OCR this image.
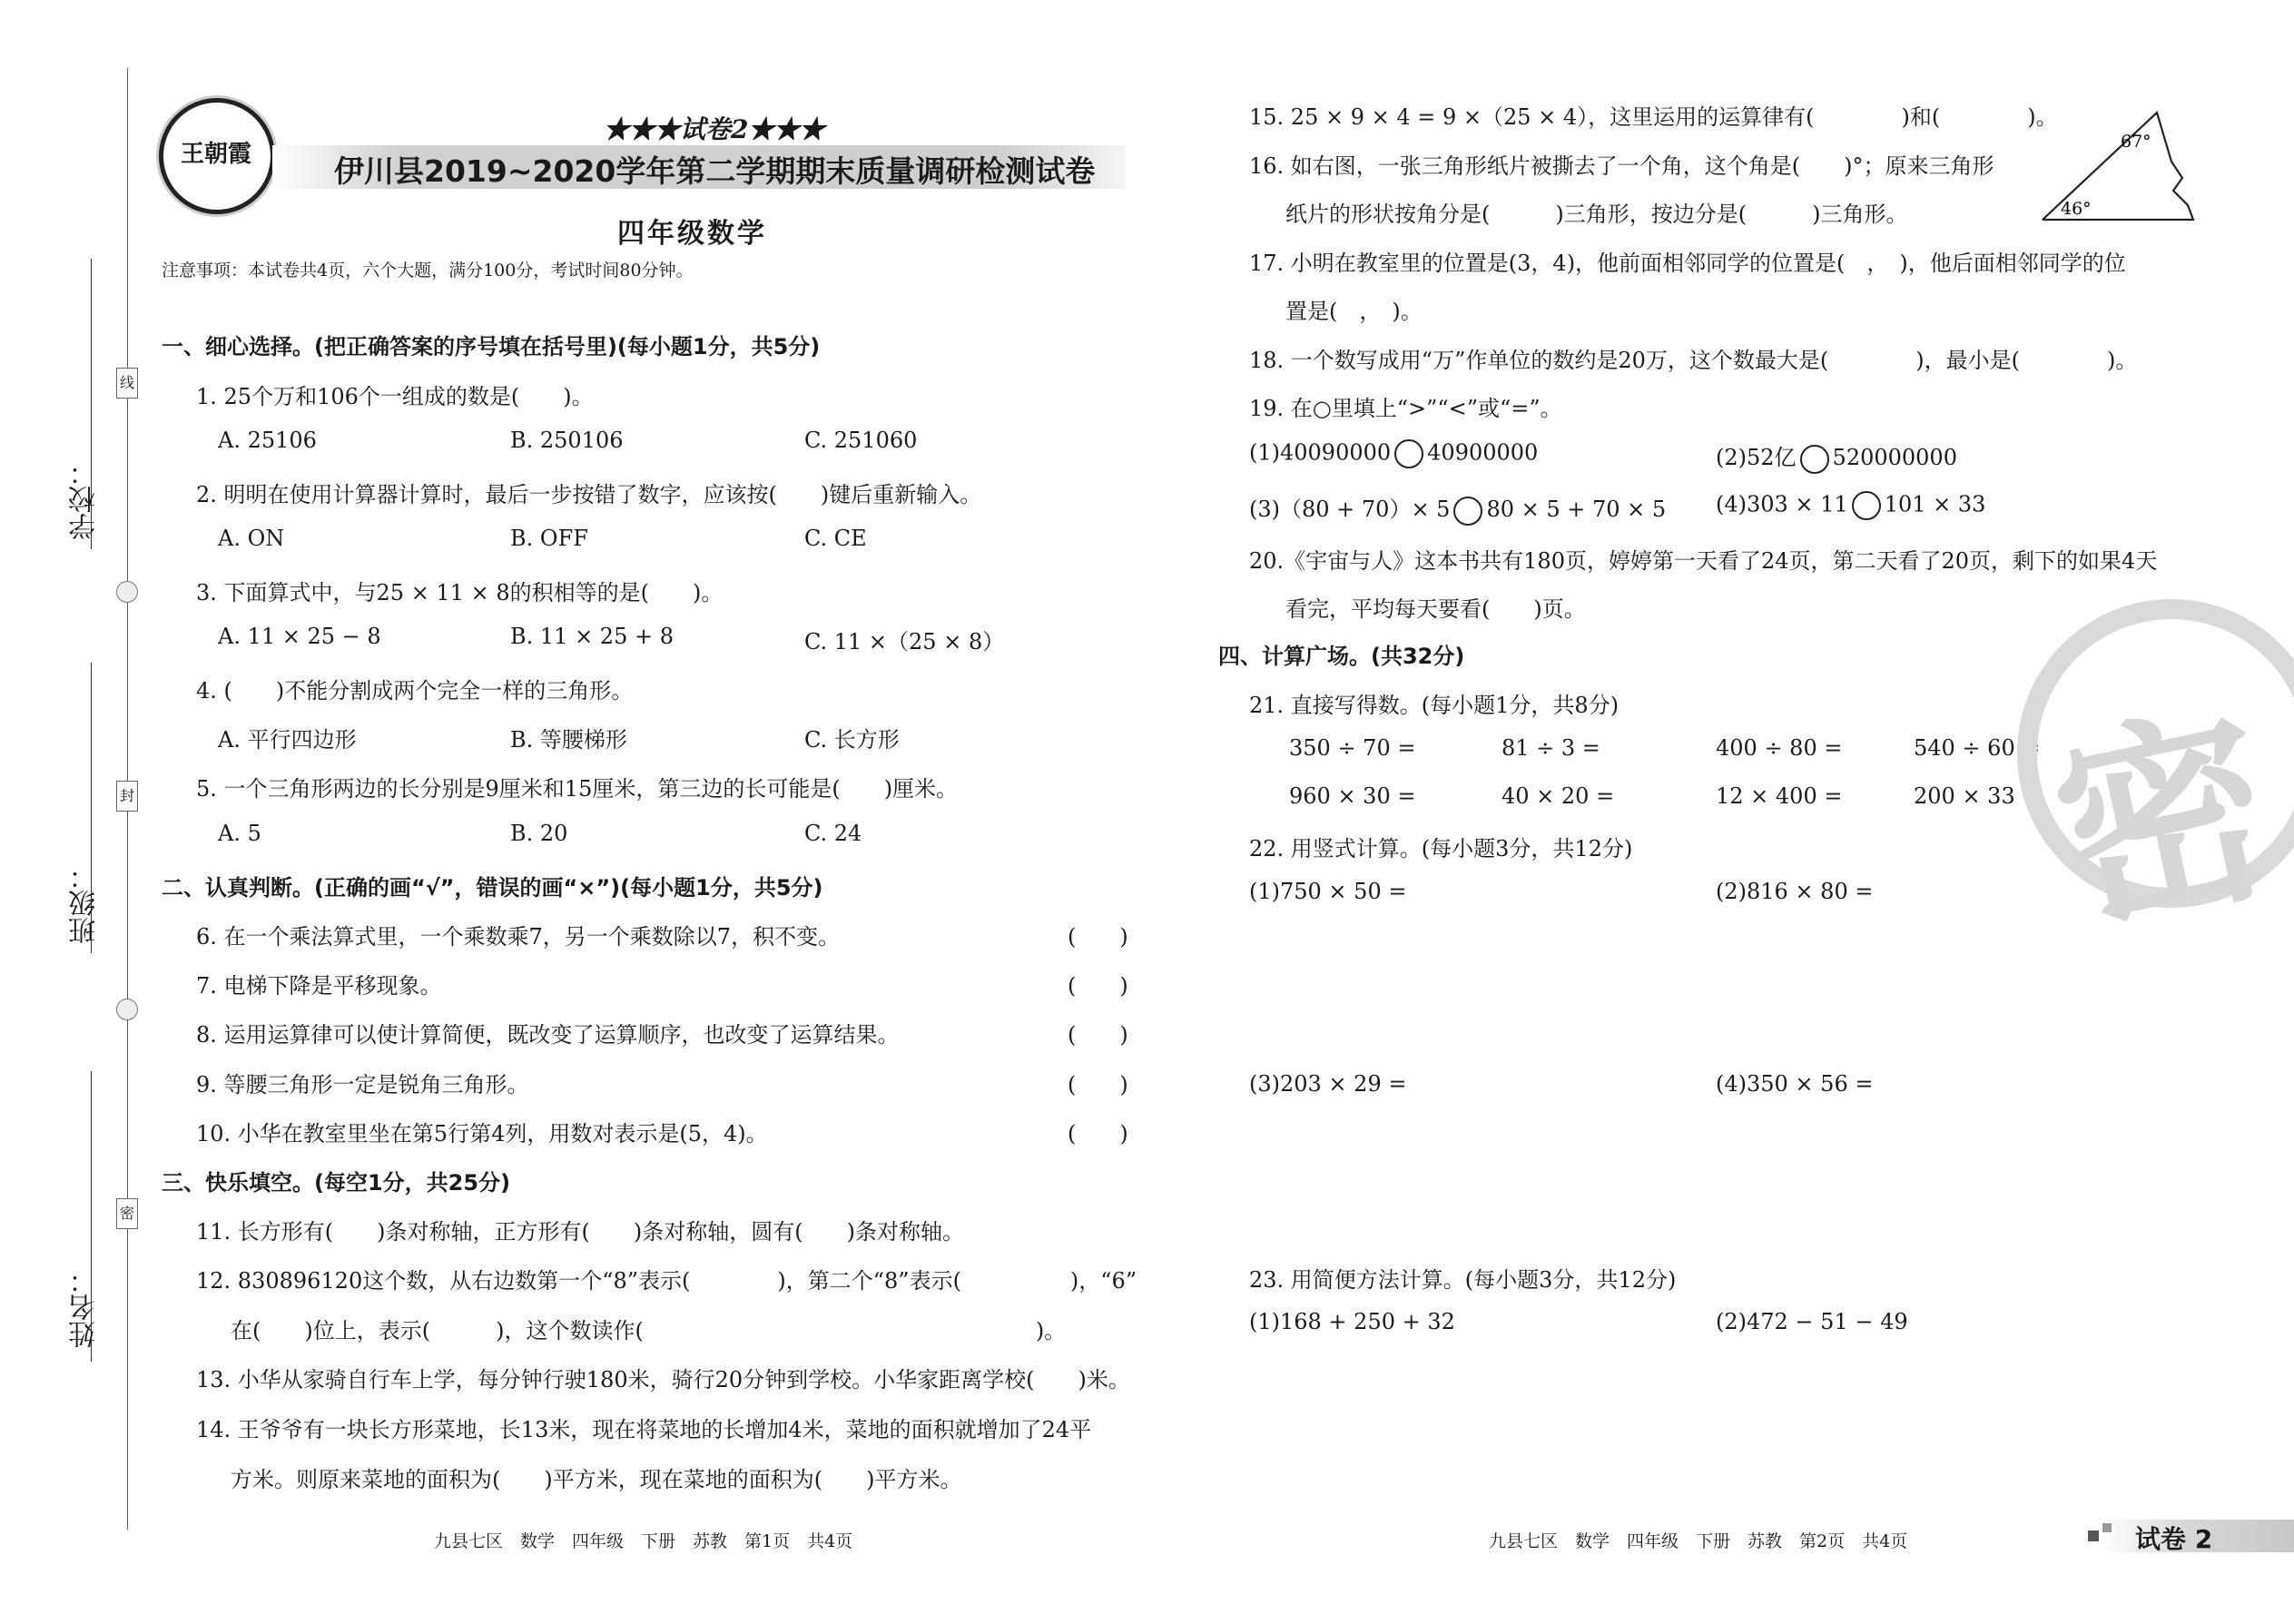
学校：
班级：
姓名：
线
封
密
王朝霞
★★★试卷2★★★
伊川县2019~2020学年第二学期期末质量调研检测试卷
四年级数学
注意事项：本试卷共4页，六个大题，满分100分，考试时间80分钟。
一、细心选择。(把正确答案的序号填在括号里)(每小题1分，共5分)
1. 25个万和106个一组成的数是(　　)。
A. 25106	B. 250106	C. 251060
2. 明明在使用计算器计算时，最后一步按错了数字，应该按(　　)键后重新输入。
A. ON	B. OFF	C. CE
3. 下面算式中，与25 × 11 × 8的积相等的是(　　)。
A. 11 × 25 − 8	B. 11 × 25 + 8	C. 11 ×（25 × 8）
4. (　　)不能分割成两个完全一样的三角形。
A. 平行四边形	B. 等腰梯形	C. 长方形
5. 一个三角形两边的长分别是9厘米和15厘米，第三边的长可能是(　　)厘米。
A. 5	B. 20	C. 24
二、认真判断。(正确的画“√”，错误的画“×”)(每小题1分，共5分)
6. 在一个乘法算式里，一个乘数乘7，另一个乘数除以7，积不变。	(　　)
7. 电梯下降是平移现象。	(　　)
8. 运用运算律可以使计算简便，既改变了运算顺序，也改变了运算结果。	(　　)
9. 等腰三角形一定是锐角三角形。	(　　)
10. 小华在教室里坐在第5行第4列，用数对表示是(5，4)。	(　　)
三、快乐填空。(每空1分，共25分)
11. 长方形有(　　)条对称轴，正方形有(　　)条对称轴，圆有(　　)条对称轴。
12. 830896120这个数，从右边数第一个“8”表示(　　　　)，第二个“8”表示(　　　　　)，“6”
在(　　)位上，表示(　　　)，这个数读作(　　　　　　　　　　　　　　　　　　)。
13. 小华从家骑自行车上学，每分钟行驶180米，骑行20分钟到学校。小华家距离学校(　　)米。
14. 王爷爷有一块长方形菜地，长13米，现在将菜地的长增加4米，菜地的面积就增加了24平
方米。则原来菜地的面积为(　　)平方米，现在菜地的面积为(　　)平方米。
九县七区　数学　四年级　下册　苏教　第1页　共4页
15. 25 × 9 × 4 = 9 ×（25 × 4），这里运用的运算律有(　　　　)和(　　　　)。
16. 如右图，一张三角形纸片被撕去了一个角，这个角是(　　)°；原来三角形
纸片的形状按角分是(　　　)三角形，按边分是(　　　)三角形。
67°
46°
17. 小明在教室里的位置是(3，4)，他前面相邻同学的位置是(　，　)，他后面相邻同学的位
置是(　，　)。
18. 一个数写成用“万”作单位的数约是20万，这个数最大是(　　　　)，最小是(　　　　)。
19. 在○里填上“>”“<”或“=”。
(1)40090000 40900000	(2)52亿 520000000
(3)（80 + 70）× 5 80 × 5 + 70 × 5 (4)303 × 11 101 × 33
20.《宇宙与人》这本书共有180页，婷婷第一天看了24页，第二天看了20页，剩下的如果4天
看完，平均每天要看(　　)页。
四、计算广场。(共32分)
21. 直接写得数。(每小题1分，共8分)
350 ÷ 70 =	81 ÷ 3 =	400 ÷ 80 =	540 ÷ 60 =
960 × 30 =	40 × 20 =	12 × 400 =	200 × 33 =
22. 用竖式计算。(每小题3分，共12分)
(1)750 × 50 =	(2)816 × 80 =
(3)203 × 29 =	(4)350 × 56 =
23. 用简便方法计算。(每小题3分，共12分)
(1)168 + 250 + 32	(2)472 − 51 − 49
密
九县七区　数学　四年级　下册　苏教　第2页　共4页	试卷 2
